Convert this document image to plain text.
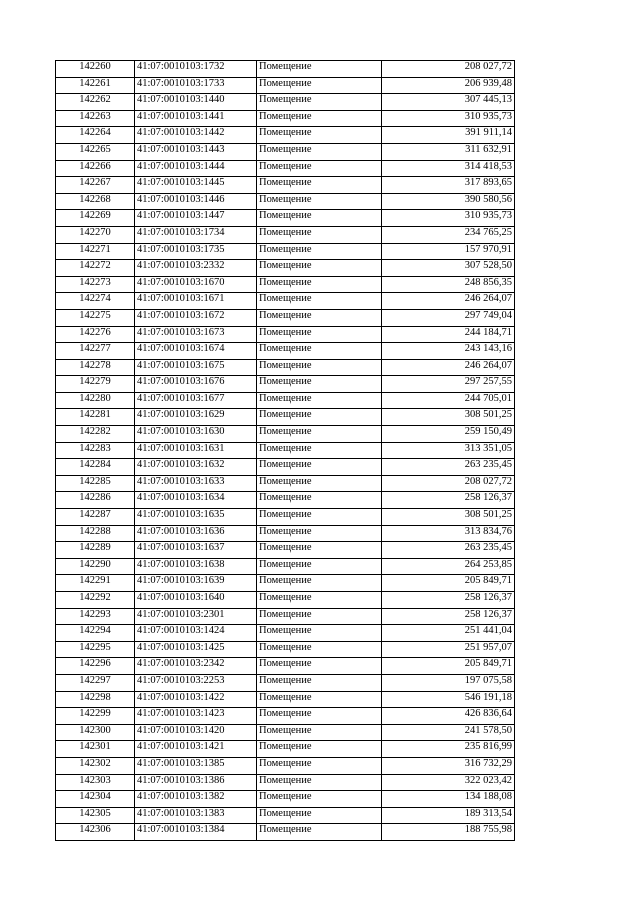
142260	41:07:0010103:1732	Помещение	208 027,72
142261	41:07:0010103:1733	Помещение	206 939,48
142262	41:07:0010103:1440	Помещение	307 445,13
142263	41:07:0010103:1441	Помещение	310 935,73
142264	41:07:0010103:1442	Помещение	391 911,14
142265	41:07:0010103:1443	Помещение	311 632,91
142266	41:07:0010103:1444	Помещение	314 418,53
142267	41:07:0010103:1445	Помещение	317 893,65
142268	41:07:0010103:1446	Помещение	390 580,56
142269	41:07:0010103:1447	Помещение	310 935,73
142270	41:07:0010103:1734	Помещение	234 765,25
142271	41:07:0010103:1735	Помещение	157 970,91
142272	41:07:0010103:2332	Помещение	307 528,50
142273	41:07:0010103:1670	Помещение	248 856,35
142274	41:07:0010103:1671	Помещение	246 264,07
142275	41:07:0010103:1672	Помещение	297 749,04
142276	41:07:0010103:1673	Помещение	244 184,71
142277	41:07:0010103:1674	Помещение	243 143,16
142278	41:07:0010103:1675	Помещение	246 264,07
142279	41:07:0010103:1676	Помещение	297 257,55
142280	41:07:0010103:1677	Помещение	244 705,01
142281	41:07:0010103:1629	Помещение	308 501,25
142282	41:07:0010103:1630	Помещение	259 150,49
142283	41:07:0010103:1631	Помещение	313 351,05
142284	41:07:0010103:1632	Помещение	263 235,45
142285	41:07:0010103:1633	Помещение	208 027,72
142286	41:07:0010103:1634	Помещение	258 126,37
142287	41:07:0010103:1635	Помещение	308 501,25
142288	41:07:0010103:1636	Помещение	313 834,76
142289	41:07:0010103:1637	Помещение	263 235,45
142290	41:07:0010103:1638	Помещение	264 253,85
142291	41:07:0010103:1639	Помещение	205 849,71
142292	41:07:0010103:1640	Помещение	258 126,37
142293	41:07:0010103:2301	Помещение	258 126,37
142294	41:07:0010103:1424	Помещение	251 441,04
142295	41:07:0010103:1425	Помещение	251 957,07
142296	41:07:0010103:2342	Помещение	205 849,71
142297	41:07:0010103:2253	Помещение	197 075,58
142298	41:07:0010103:1422	Помещение	546 191,18
142299	41:07:0010103:1423	Помещение	426 836,64
142300	41:07:0010103:1420	Помещение	241 578,50
142301	41:07:0010103:1421	Помещение	235 816,99
142302	41:07:0010103:1385	Помещение	316 732,29
142303	41:07:0010103:1386	Помещение	322 023,42
142304	41:07:0010103:1382	Помещение	134 188,08
142305	41:07:0010103:1383	Помещение	189 313,54
142306	41:07:0010103:1384	Помещение	188 755,98
